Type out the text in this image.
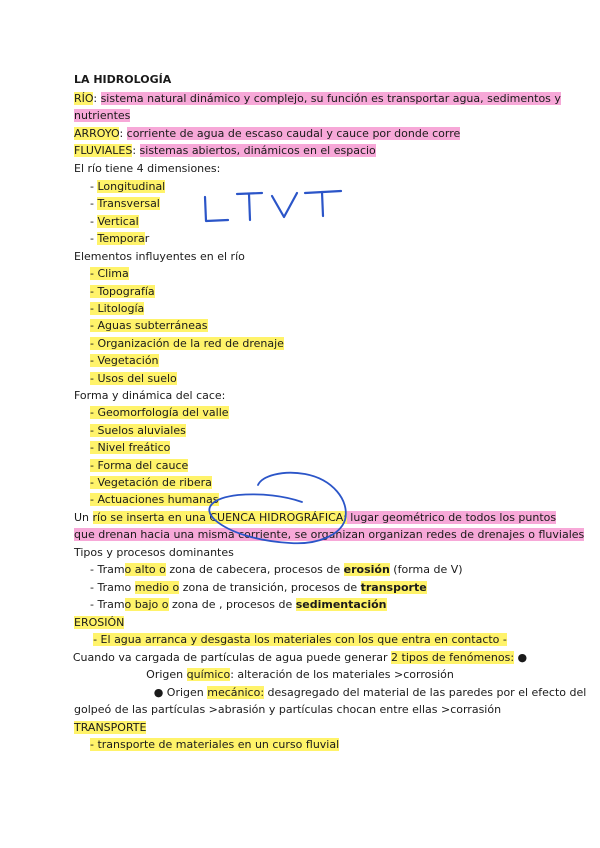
LA HIDROLOGÍA
RÍO: sistema natural dinámico y complejo, su función es transportar agua, sedimentos y
nutrientes
ARROYO: corriente de agua de escaso caudal y cauce por donde corre
FLUVIALES: sistemas abiertos, dinámicos en el espacio
El río tiene 4 dimensiones:
- Longitudinal
- Transversal
- Vertical
- Temporar
Elementos influyentes en el río
- Clima
- Topografía
- Litología
- Aguas subterráneas
- Organización de la red de drenaje
- Vegetación
- Usos del suelo
Forma y dinámica del cace:
- Geomorfología del valle
- Suelos aluviales
- Nivel freático
- Forma del cauce
- Vegetación de ribera
- Actuaciones humanas
Un río se inserta en una CUENCA HIDROGRÁFICA: lugar geométrico de todos los puntos
que drenan hacia una misma corriente, se organizan organizan redes de drenajes o fluviales
Tipos y procesos dominantes
- Tramo alto o zona de cabecera, procesos de erosión (forma de V)
- Tramo medio o zona de transición, procesos de transporte
- Tramo bajo o zona de , procesos de sedimentación
EROSIÓN
- El agua arranca y desgasta los materiales con los que entra en contacto -
Cuando va cargada de partículas de agua puede generar 2 tipos de fenómenos: ●
Origen químico: alteración de los materiales >corrosión
● Origen mecánico: desagregado del material de las paredes por el efecto del
golpeó de las partículas >abrasión y partículas chocan entre ellas >corrasión
TRANSPORTE
- transporte de materiales en un curso fluvial
